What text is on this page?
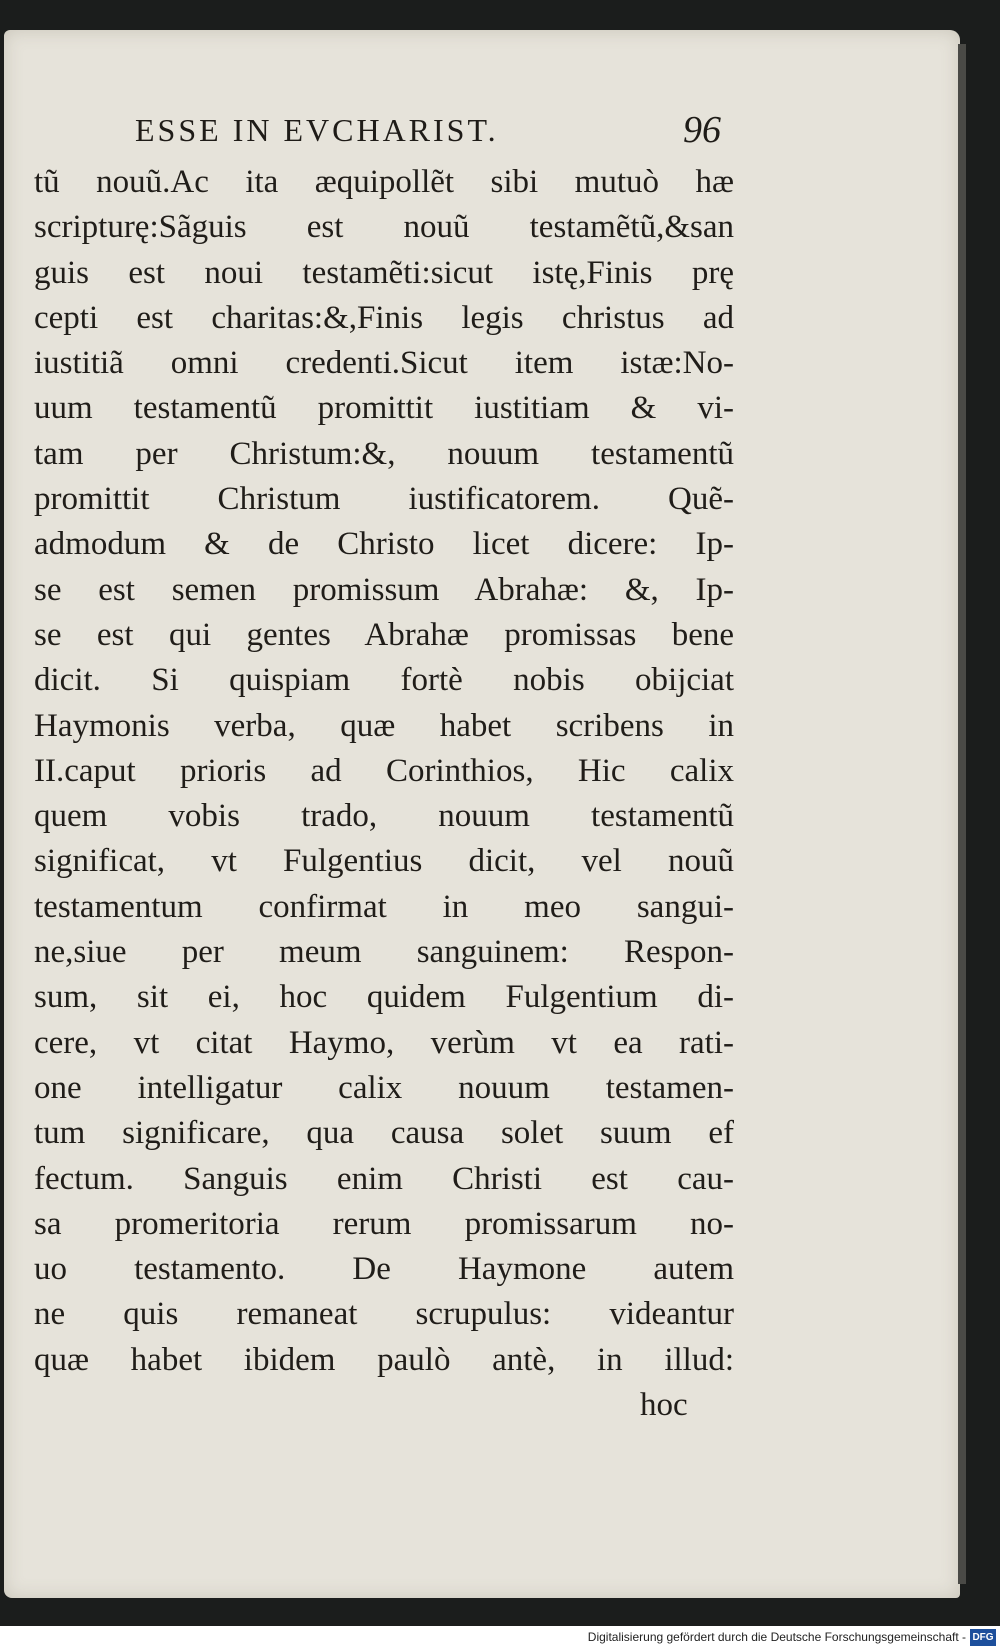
ESSE IN EVCHARIST.	96
tũ nouũ.Ac ita æquipollẽt sibi mutuò hæ
scripturę:Sãguis est nouũ testamẽtũ,&san
guis est noui testamẽti:sicut istę,Finis prę
cepti est charitas:&,Finis legis christus ad
iustitiã omni credenti.Sicut item istæ:No-
uum testamentũ promittit iustitiam & vi-
tam per Christum:&, nouum testamentũ
promittit Christum iustificatorem. Quẽ-
admodum & de Christo licet dicere: Ip-
se est semen promissum Abrahæ: &, Ip-
se est qui gentes Abrahæ promissas bene
dicit. Si quispiam fortè nobis obijciat
Haymonis verba, quæ habet scribens in
II.caput prioris ad Corinthios, Hic calix
quem vobis trado, nouum testamentũ
significat, vt Fulgentius dicit, vel nouũ
testamentum confirmat in meo sangui-
ne,siue per meum sanguinem: Respon-
sum, sit ei, hoc quidem Fulgentium di-
cere, vt citat Haymo, verùm vt ea rati-
one intelligatur calix nouum testamen-
tum significare, qua causa solet suum ef
fectum. Sanguis enim Christi est cau-
sa promeritoria rerum promissarum no-
uo testamento. De Haymone autem
ne quis remaneat scrupulus: videantur
quæ habet ibidem paulò antè, in illud:
hoc
Digitalisierung gefördert durch die Deutsche Forschungsgemeinschaft - DFG
